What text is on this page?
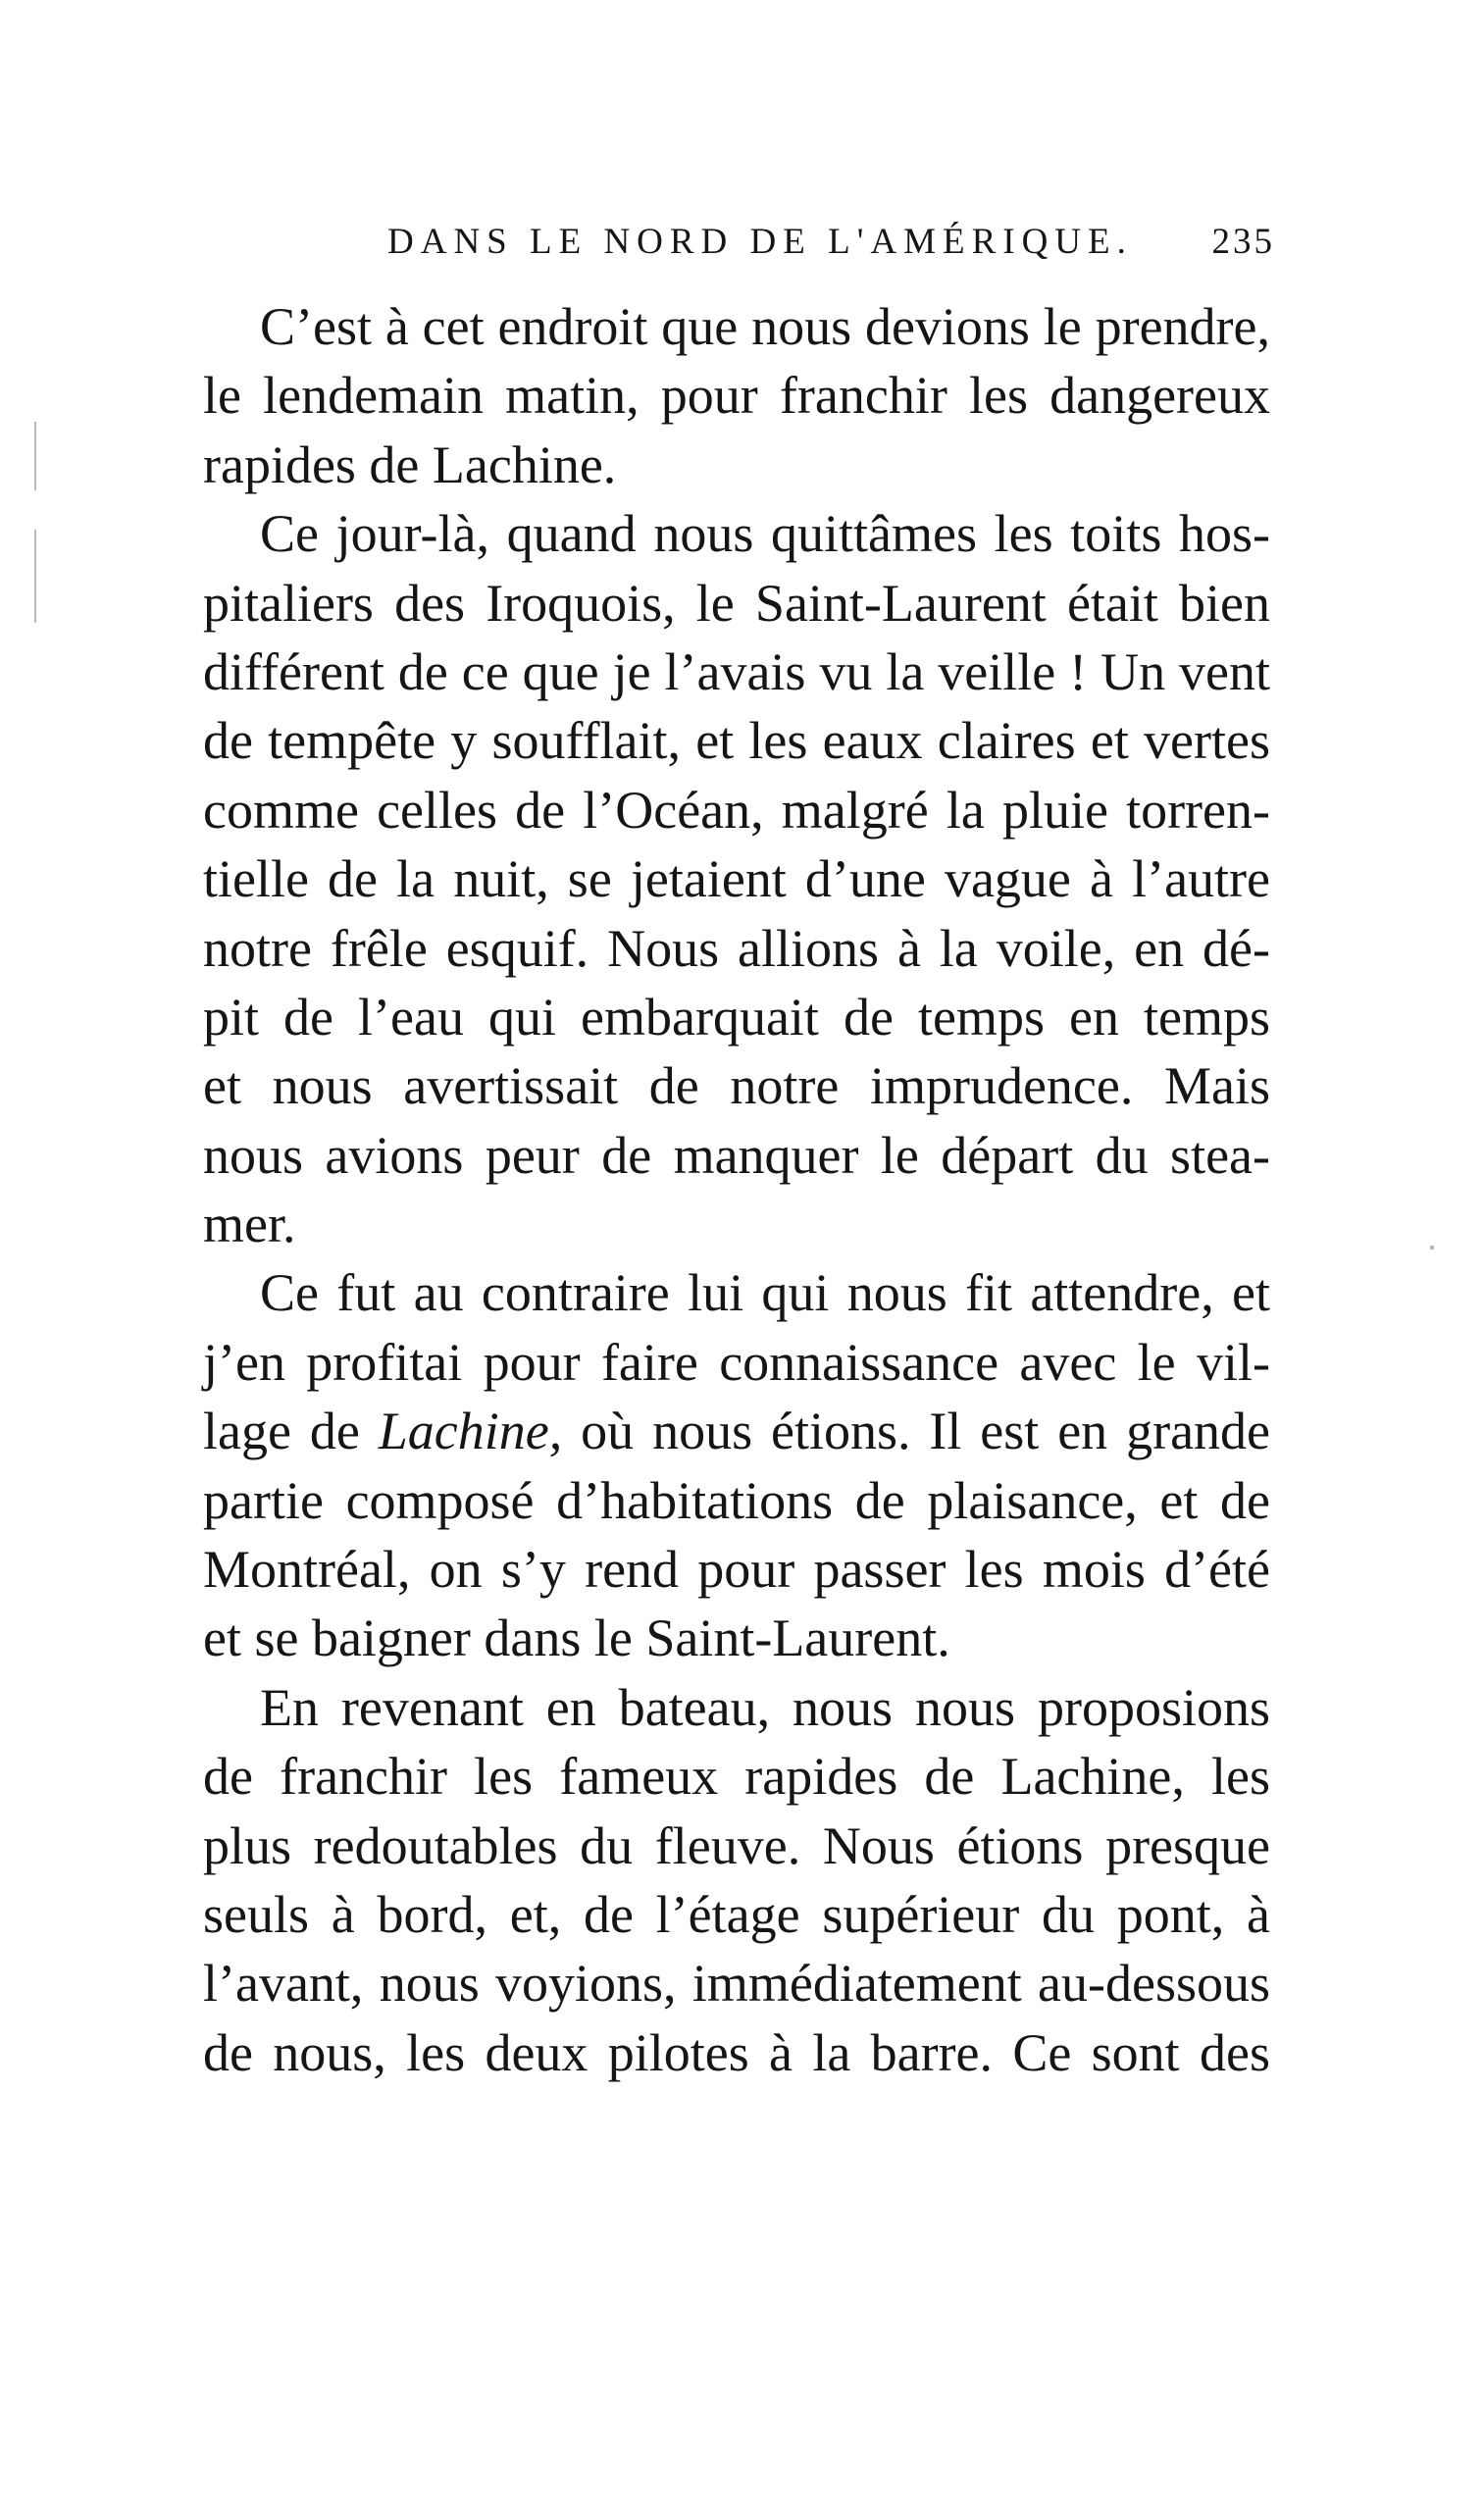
DANS LE NORD DE L'AMÉRIQUE. 235
C’est à cet endroit que nous devions le prendre,
le lendemain matin, pour franchir les dangereux
rapides de Lachine.
Ce jour-là, quand nous quittâmes les toits hos-
pitaliers des Iroquois, le Saint-Laurent était bien
différent de ce que je l’avais vu la veille ! Un vent
de tempête y soufflait, et les eaux claires et vertes
comme celles de l’Océan, malgré la pluie torren-
tielle de la nuit, se jetaient d’une vague à l’autre
notre frêle esquif. Nous allions à la voile, en dé-
pit de l’eau qui embarquait de temps en temps
et nous avertissait de notre imprudence. Mais
nous avions peur de manquer le départ du stea-
mer.
Ce fut au contraire lui qui nous fit attendre, et
j’en profitai pour faire connaissance avec le vil-
lage de Lachine, où nous étions. Il est en grande
partie composé d’habitations de plaisance, et de
Montréal, on s’y rend pour passer les mois d’été
et se baigner dans le Saint-Laurent.
En revenant en bateau, nous nous proposions
de franchir les fameux rapides de Lachine, les
plus redoutables du fleuve. Nous étions presque
seuls à bord, et, de l’étage supérieur du pont, à
l’avant, nous voyions, immédiatement au-dessous
de nous, les deux pilotes à la barre. Ce sont des
